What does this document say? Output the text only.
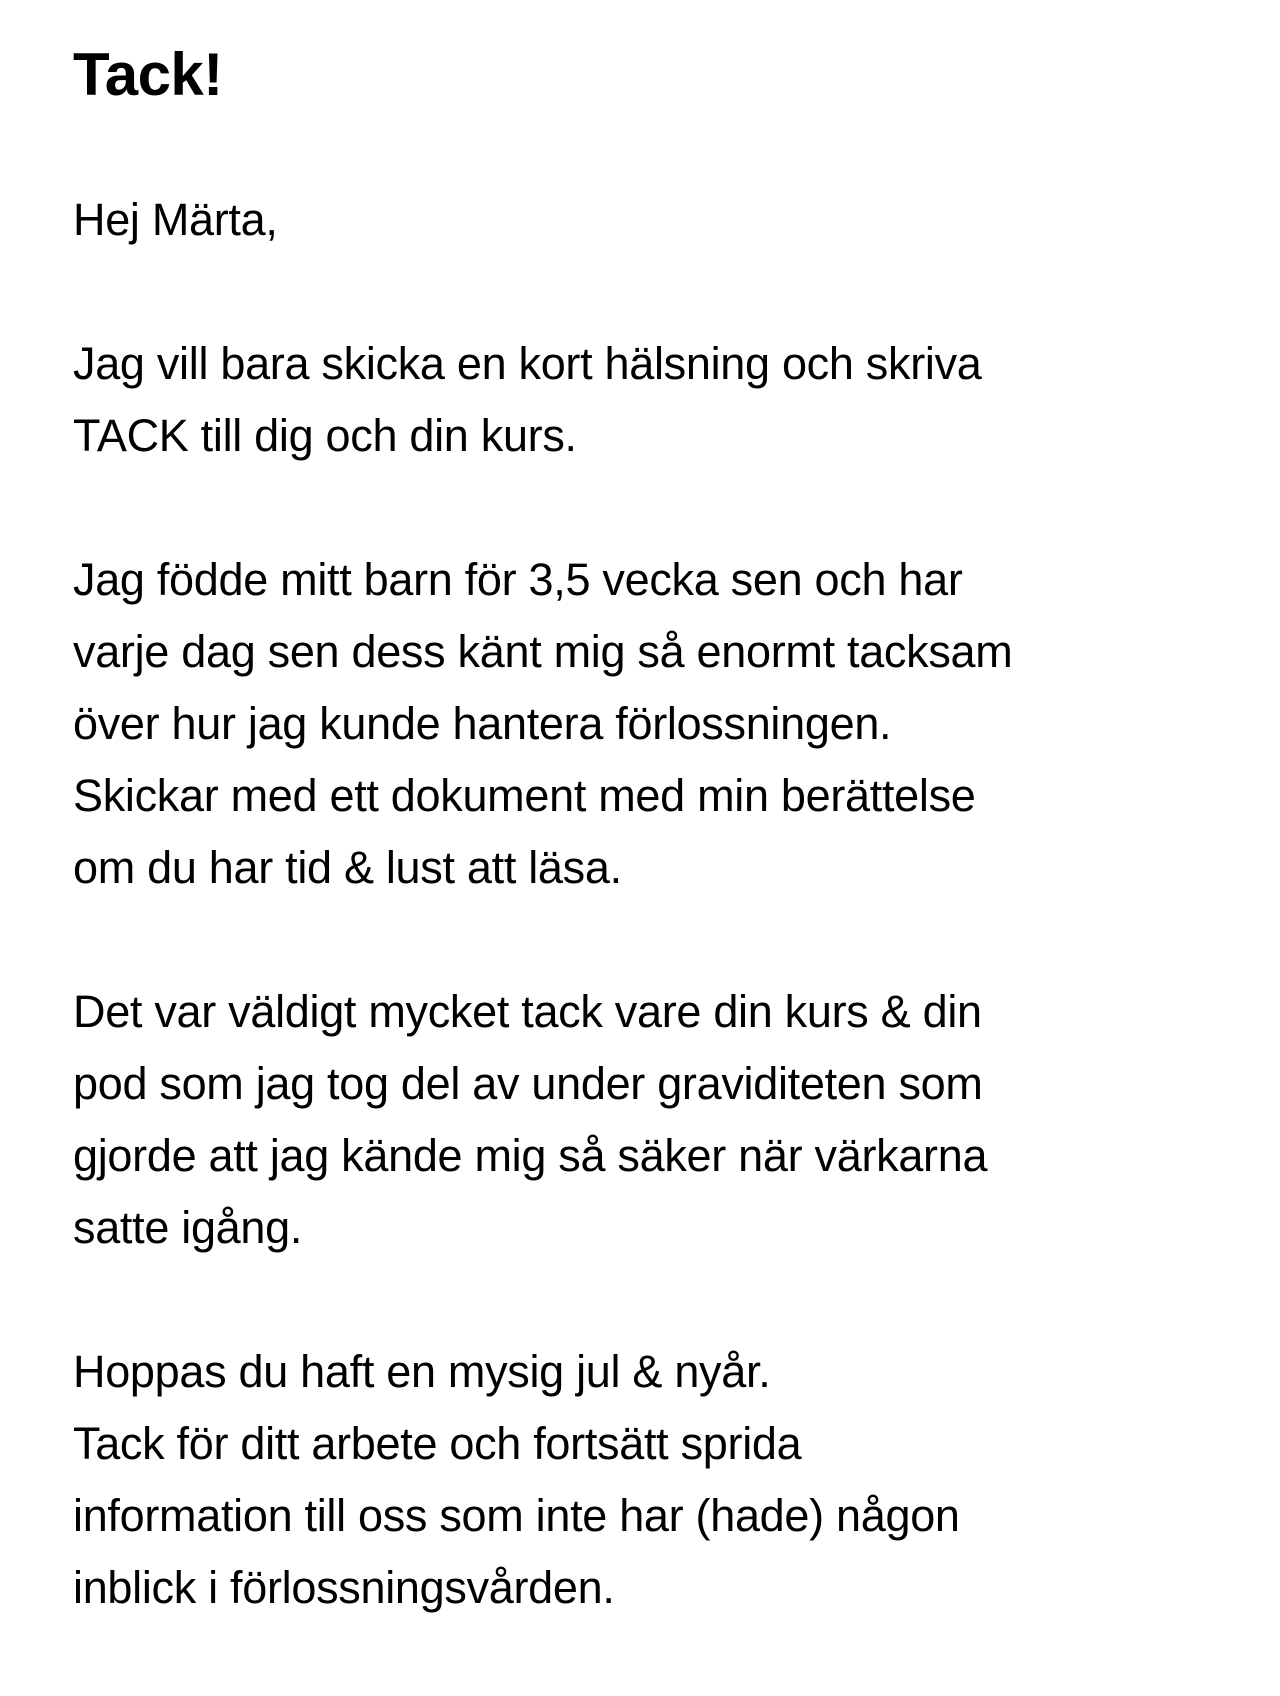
Tack!

Hej Märta,

Jag vill bara skicka en kort hälsning och skriva
TACK till dig och din kurs.

Jag födde mitt barn för 3,5 vecka sen och har
varje dag sen dess känt mig så enormt tacksam
över hur jag kunde hantera förlossningen.
Skickar med ett dokument med min berättelse
om du har tid & lust att läsa.

Det var väldigt mycket tack vare din kurs & din
pod som jag tog del av under graviditeten som
gjorde att jag kände mig så säker när värkarna
satte igång.

Hoppas du haft en mysig jul & nyår.
Tack för ditt arbete och fortsätt sprida
information till oss som inte har (hade) någon
inblick i förlossningsvården.
